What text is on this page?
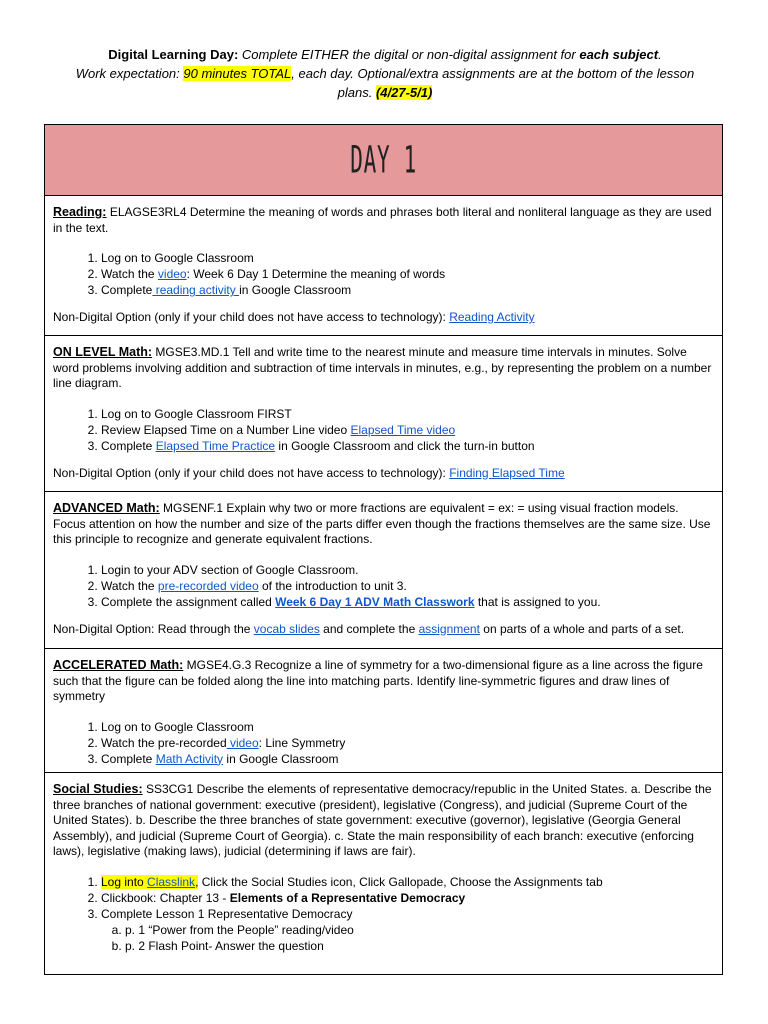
Digital Learning Day: Complete EITHER the digital or non-digital assignment for each subject.
Work expectation: 90 minutes TOTAL, each day. Optional/extra assignments are at the bottom of the lesson
plans. (4/27-5/1)
DAY 1
Reading: ELAGSE3RL4 Determine the meaning of words and phrases both literal and nonliteral language as they are used in the text.
1. Log on to Google Classroom
2. Watch the video: Week 6 Day 1 Determine the meaning of words
3. Complete reading activity in Google Classroom
Non-Digital Option (only if your child does not have access to technology): Reading Activity
ON LEVEL Math: MGSE3.MD.1 Tell and write time to the nearest minute and measure time intervals in minutes. Solve word problems involving addition and subtraction of time intervals in minutes, e.g., by representing the problem on a number line diagram.
1. Log on to Google Classroom FIRST
2. Review Elapsed Time on a Number Line video Elapsed Time video
3. Complete Elapsed Time Practice in Google Classroom and click the turn-in button
Non-Digital Option (only if your child does not have access to technology): Finding Elapsed Time
ADVANCED Math: MGSENF.1 Explain why two or more fractions are equivalent = ex: = using visual fraction models. Focus attention on how the number and size of the parts differ even though the fractions themselves are the same size. Use this principle to recognize and generate equivalent fractions.
1. Login to your ADV section of Google Classroom.
2. Watch the pre-recorded video of the introduction to unit 3.
3. Complete the assignment called Week 6 Day 1 ADV Math Classwork that is assigned to you.
Non-Digital Option: Read through the vocab slides and complete the assignment on parts of a whole and parts of a set.
ACCELERATED Math: MGSE4.G.3 Recognize a line of symmetry for a two-dimensional figure as a line across the figure such that the figure can be folded along the line into matching parts. Identify line-symmetric figures and draw lines of symmetry
1. Log on to Google Classroom
2. Watch the pre-recorded video: Line Symmetry
3. Complete Math Activity in Google Classroom
Social Studies: SS3CG1 Describe the elements of representative democracy/republic in the United States. a. Describe the three branches of national government: executive (president), legislative (Congress), and judicial (Supreme Court of the United States). b. Describe the three branches of state government: executive (governor), legislative (Georgia General Assembly), and judicial (Supreme Court of Georgia). c. State the main responsibility of each branch: executive (enforcing laws), legislative (making laws), judicial (determining if laws are fair).
1. Log into Classlink, Click the Social Studies icon, Click Gallopade, Choose the Assignments tab
2. Clickbook: Chapter 13 - Elements of a Representative Democracy
3. Complete Lesson 1 Representative Democracy
a. p. 1 “Power from the People” reading/video
b. p. 2 Flash Point- Answer the question
